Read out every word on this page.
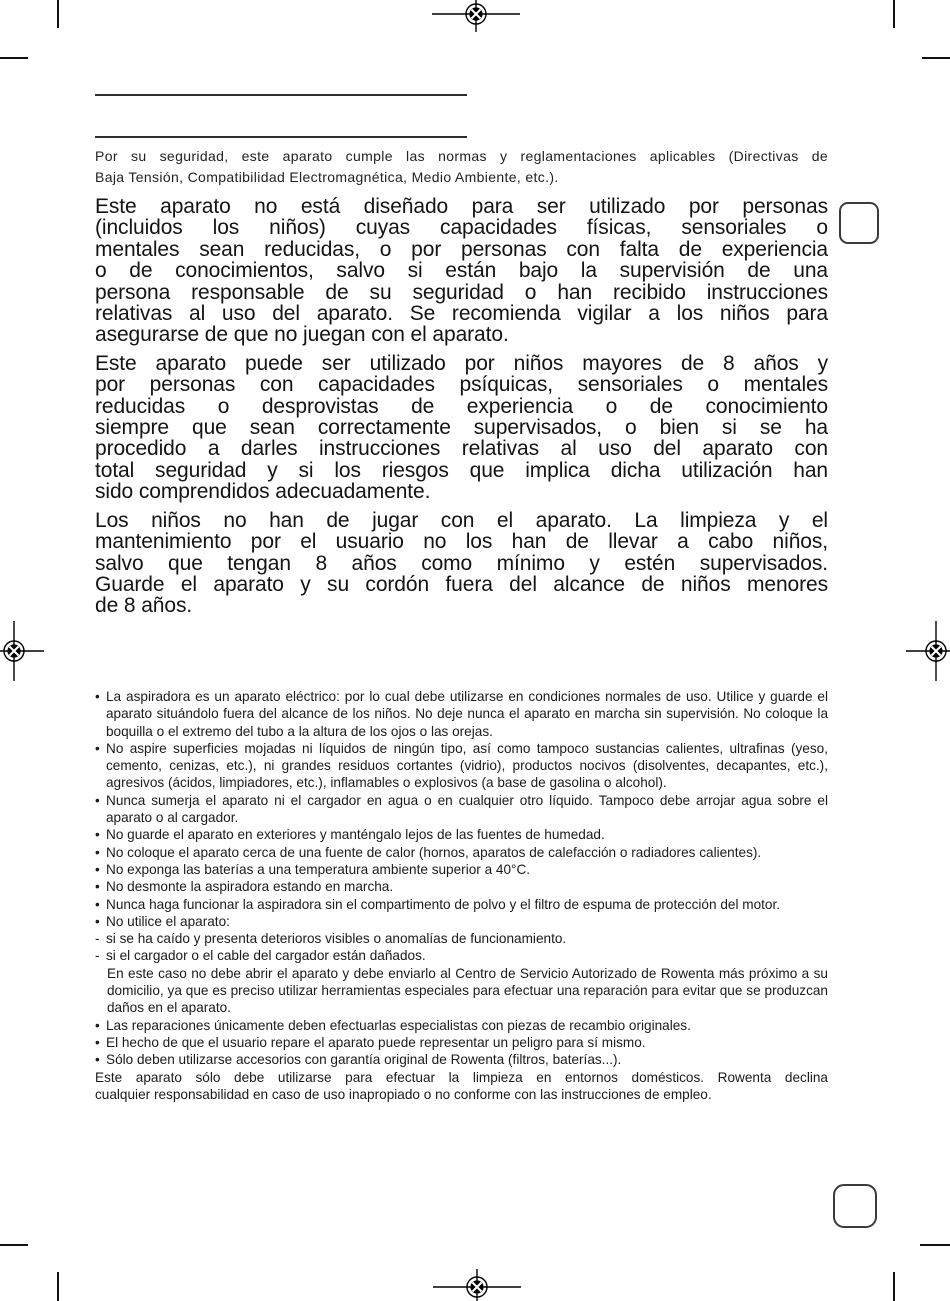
Por su seguridad, este aparato cumple las normas y reglamentaciones aplicables (Directivas de
Baja Tensión, Compatibilidad Electromagnética, Medio Ambiente, etc.).
Este aparato no está diseñado para ser utilizado por personas
(incluidos los niños) cuyas capacidades físicas, sensoriales o
mentales sean reducidas, o por personas con falta de experiencia
o de conocimientos, salvo si están bajo la supervisión de una
persona responsable de su seguridad o han recibido instrucciones
relativas al uso del aparato. Se recomienda vigilar a los niños para
asegurarse de que no juegan con el aparato.
Este aparato puede ser utilizado por niños mayores de 8 años y
por personas con capacidades psíquicas, sensoriales o mentales
reducidas o desprovistas de experiencia o de conocimiento
siempre que sean correctamente supervisados, o bien si se ha
procedido a darles instrucciones relativas al uso del aparato con
total seguridad y si los riesgos que implica dicha utilización han
sido comprendidos adecuadamente.
Los niños no han de jugar con el aparato. La limpieza y el
mantenimiento por el usuario no los han de llevar a cabo niños,
salvo que tengan 8 años como mínimo y estén supervisados.
Guarde el aparato y su cordón fuera del alcance de niños menores
de 8 años.
• La aspiradora es un aparato eléctrico: por lo cual debe utilizarse en condiciones normales de uso. Utilice y guarde el aparato situándolo fuera del alcance de los niños. No deje nunca el aparato en marcha sin supervisión. No coloque la boquilla o el extremo del tubo a la altura de los ojos o las orejas.
• No aspire superficies mojadas ni líquidos de ningún tipo, así como tampoco sustancias calientes, ultrafinas (yeso, cemento, cenizas, etc.), ni grandes residuos cortantes (vidrio), productos nocivos (disolventes, decapantes, etc.), agresivos (ácidos, limpiadores, etc.), inflamables o explosivos (a base de gasolina o alcohol).
• Nunca sumerja el aparato ni el cargador en agua o en cualquier otro líquido. Tampoco debe arrojar agua sobre el aparato o al cargador.
• No guarde el aparato en exteriores y manténgalo lejos de las fuentes de humedad.
• No coloque el aparato cerca de una fuente de calor (hornos, aparatos de calefacción o radiadores calientes).
• No exponga las baterías a una temperatura ambiente superior a 40°C.
• No desmonte la aspiradora estando en marcha.
• Nunca haga funcionar la aspiradora sin el compartimento de polvo y el filtro de espuma de protección del motor.
• No utilice el aparato:
- si se ha caído y presenta deterioros visibles o anomalías de funcionamiento.
- si el cargador o el cable del cargador están dañados.
En este caso no debe abrir el aparato y debe enviarlo al Centro de Servicio Autorizado de Rowenta más próximo a su domicilio, ya que es preciso utilizar herramientas especiales para efectuar una reparación para evitar que se produzcan daños en el aparato.
• Las reparaciones únicamente deben efectuarlas especialistas con piezas de recambio originales.
• El hecho de que el usuario repare el aparato puede representar un peligro para sí mismo.
• Sólo deben utilizarse accesorios con garantía original de Rowenta (filtros, baterías...).
Este aparato sólo debe utilizarse para efectuar la limpieza en entornos domésticos. Rowenta declina
cualquier responsabilidad en caso de uso inapropiado o no conforme con las instrucciones de empleo.
